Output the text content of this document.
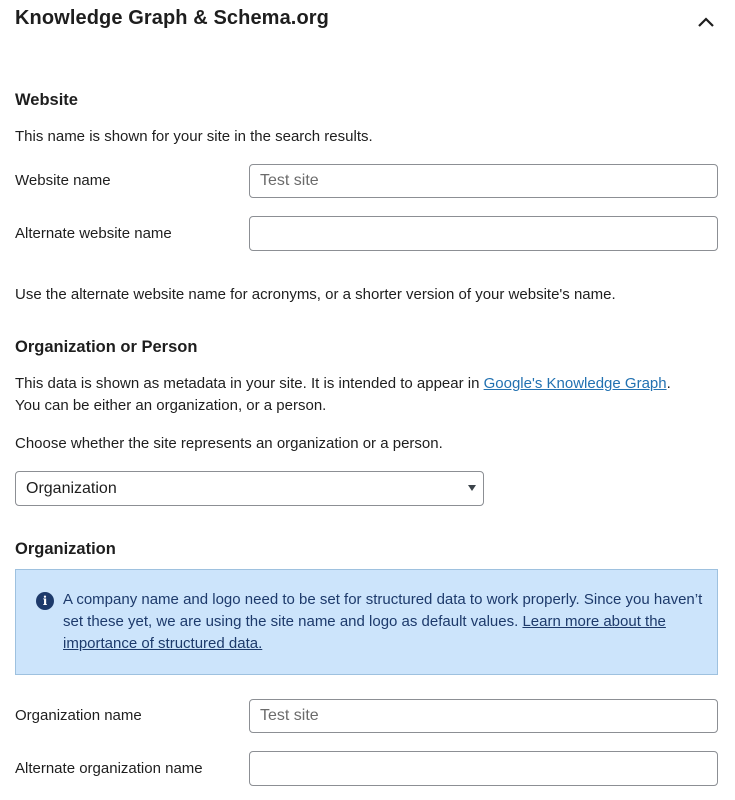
Knowledge Graph & Schema.org
Website
This name is shown for your site in the search results.
Website name
Test site
Alternate website name
Use the alternate website name for acronyms, or a shorter version of your website's name.
Organization or Person
This data is shown as metadata in your site. It is intended to appear in Google's Knowledge Graph.
You can be either an organization, or a person.
Choose whether the site represents an organization or a person.
Organization
Organization
i	A company name and logo need to be set for structured data to work properly. Since you haven’t set these yet, we are using the site name and logo as default values. Learn more about the importance of structured data.
Organization name
Test site
Alternate organization name
